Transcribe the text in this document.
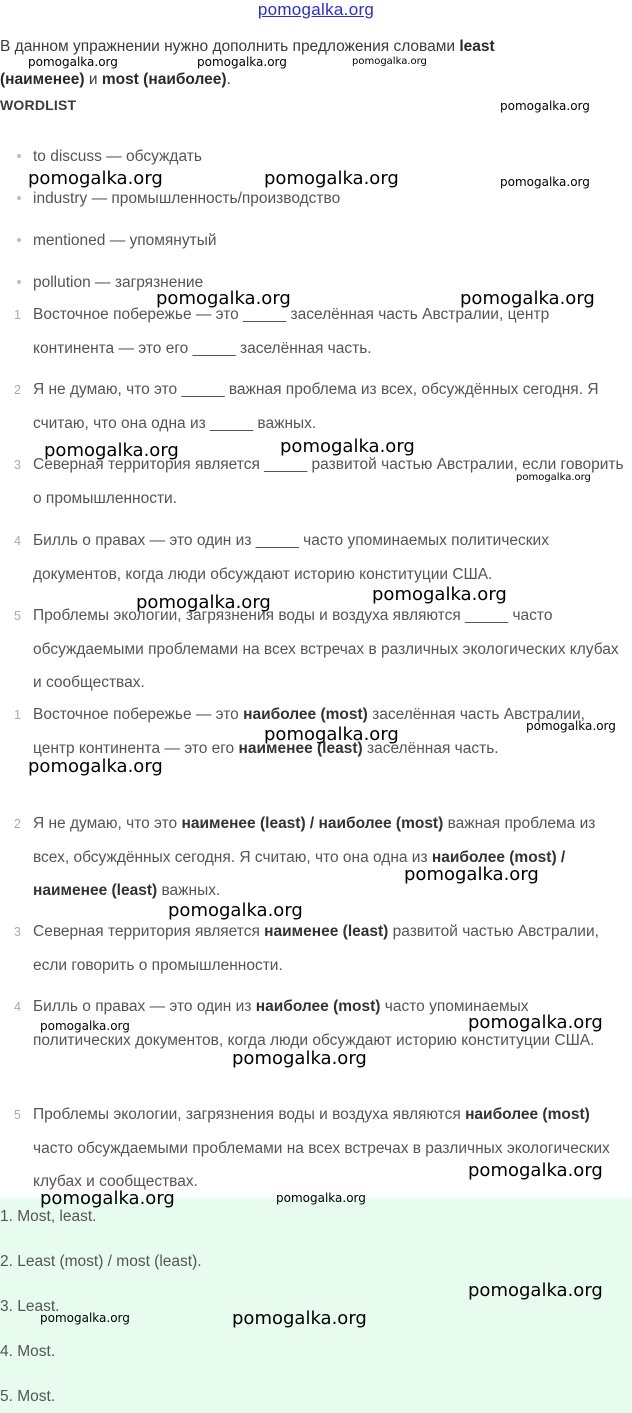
pomogalka.org
В данном упражнении нужно дополнить предложения словами least
(наименее) и most (наиболее).
WORDLIST
to discuss — обсуждать
industry — промышленность/производство
mentioned — упомянутый
pollution — загрязнение
1 Восточное побережье — это _____ заселённая часть Австралии, центр континента — это его _____ заселённая часть.
2 Я не думаю, что это _____ важная проблема из всех, обсуждённых сегодня. Я считаю, что она одна из _____ важных.
3 Северная территория является _____ развитой частью Австралии, если говорить о промышленности.
4 Билль о правах — это один из _____ часто упоминаемых политических документов, когда люди обсуждают историю конституции США.
5 Проблемы экологии, загрязнения воды и воздуха являются _____ часто обсуждаемыми проблемами на всех встречах в различных экологических клубах и сообществах.
1 Восточное побережье — это наиболее (most) заселённая часть Австралии, центр континента — это его наименее (least) заселённая часть.
2 Я не думаю, что это наименее (least) / наиболее (most) важная проблема из всех, обсуждённых сегодня. Я считаю, что она одна из наиболее (most) / наименее (least) важных.
3 Северная территория является наименее (least) развитой частью Австралии, если говорить о промышленности.
4 Билль о правах — это один из наиболее (most) часто упоминаемых политических документов, когда люди обсуждают историю конституции США.
5 Проблемы экологии, загрязнения воды и воздуха являются наиболее (most) часто обсуждаемыми проблемами на всех встречах в различных экологических клубах и сообществах.
1. Most, least.
2. Least (most) / most (least).
3. Least.
4. Most.
5. Most.
pomogalka.org	pomogalka.org	pomogalka.org
pomogalka.org
pomogalka.org	pomogalka.org	pomogalka.org
pomogalka.org	pomogalka.org
pomogalka.org	pomogalka.org
pomogalka.org
pomogalka.org	pomogalka.org
pomogalka.org
pomogalka.org
pomogalka.org
pomogalka.org
pomogalka.org
pomogalka.org	pomogalka.org
pomogalka.org
pomogalka.org
pomogalka.org	pomogalka.org
pomogalka.org
pomogalka.org	pomogalka.org
